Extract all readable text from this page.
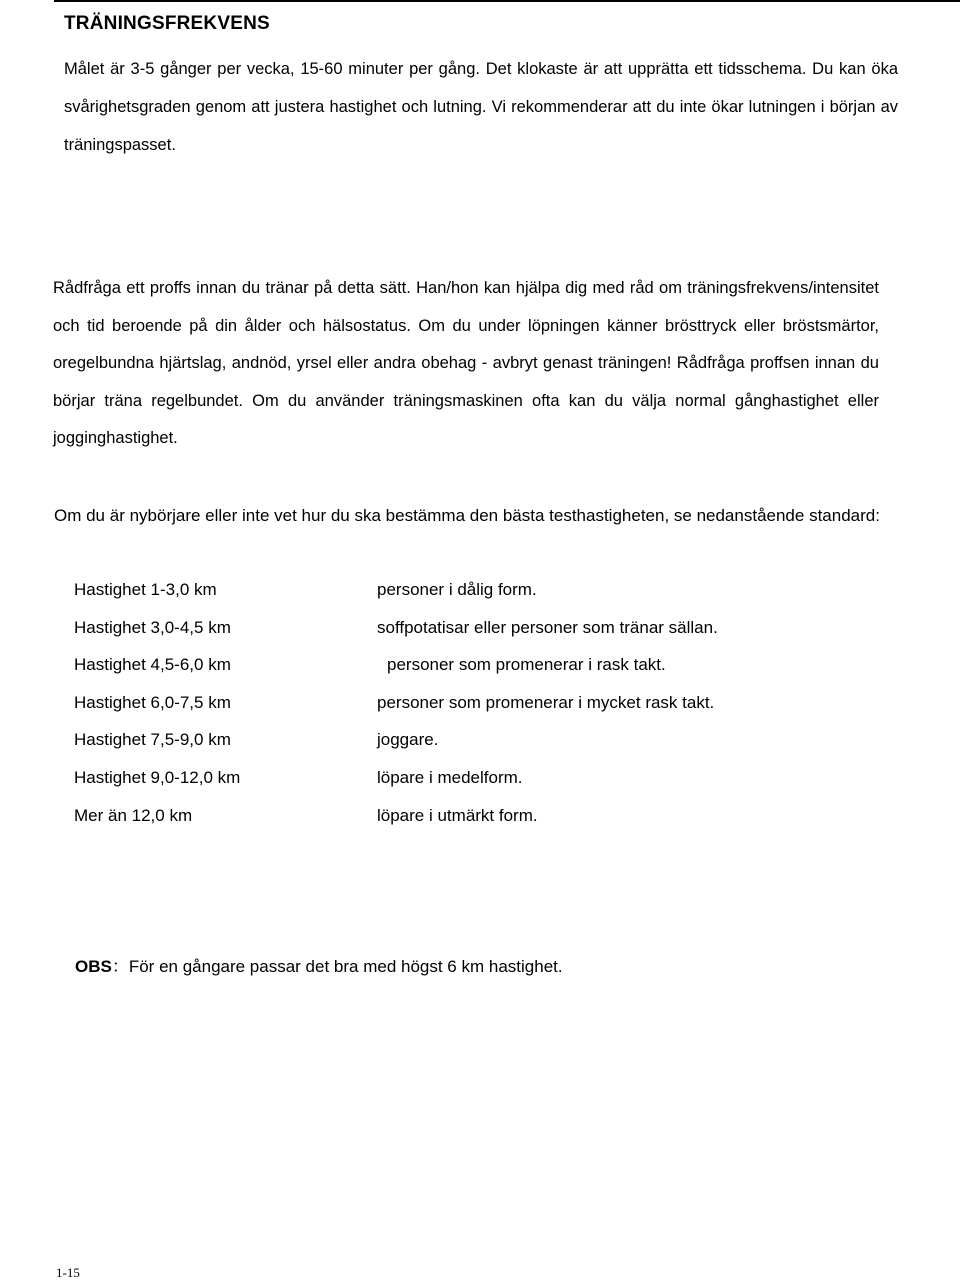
TRÄNINGSFREKVENS

Målet är 3-5 gånger per vecka, 15-60 minuter per gång. Det klokaste är att upprätta ett tidsschema. Du kan öka svårighetsgraden genom att justera hastighet och lutning. Vi rekommenderar att du inte ökar lutningen i början av träningspasset.

Rådfråga ett proffs innan du tränar på detta sätt. Han/hon kan hjälpa dig med råd om träningsfrekvens/intensitet och tid beroende på din ålder och hälsostatus. Om du under löpningen känner brösttryck eller bröstsmärtor, oregelbundna hjärtslag, andnöd, yrsel eller andra obehag - avbryt genast träningen! Rådfråga proffsen innan du börjar träna regelbundet. Om du använder träningsmaskinen ofta kan du välja normal gånghastighet eller jogginghastighet.

Om du är nybörjare eller inte vet hur du ska bestämma den bästa testhastigheten, se nedanstående standard:

Hastighet 1-3,0 km	personer i dålig form.
Hastighet 3,0-4,5 km	soffpotatisar eller personer som tränar sällan.
Hastighet 4,5-6,0 km	personer som promenerar i rask takt.
Hastighet 6,0-7,5 km	personer som promenerar i mycket rask takt.
Hastighet 7,5-9,0 km	joggare.
Hastighet 9,0-12,0 km	löpare i medelform.
Mer än 12,0 km	löpare i utmärkt form.

OBS：För en gångare passar det bra med högst 6 km hastighet.

1-15
